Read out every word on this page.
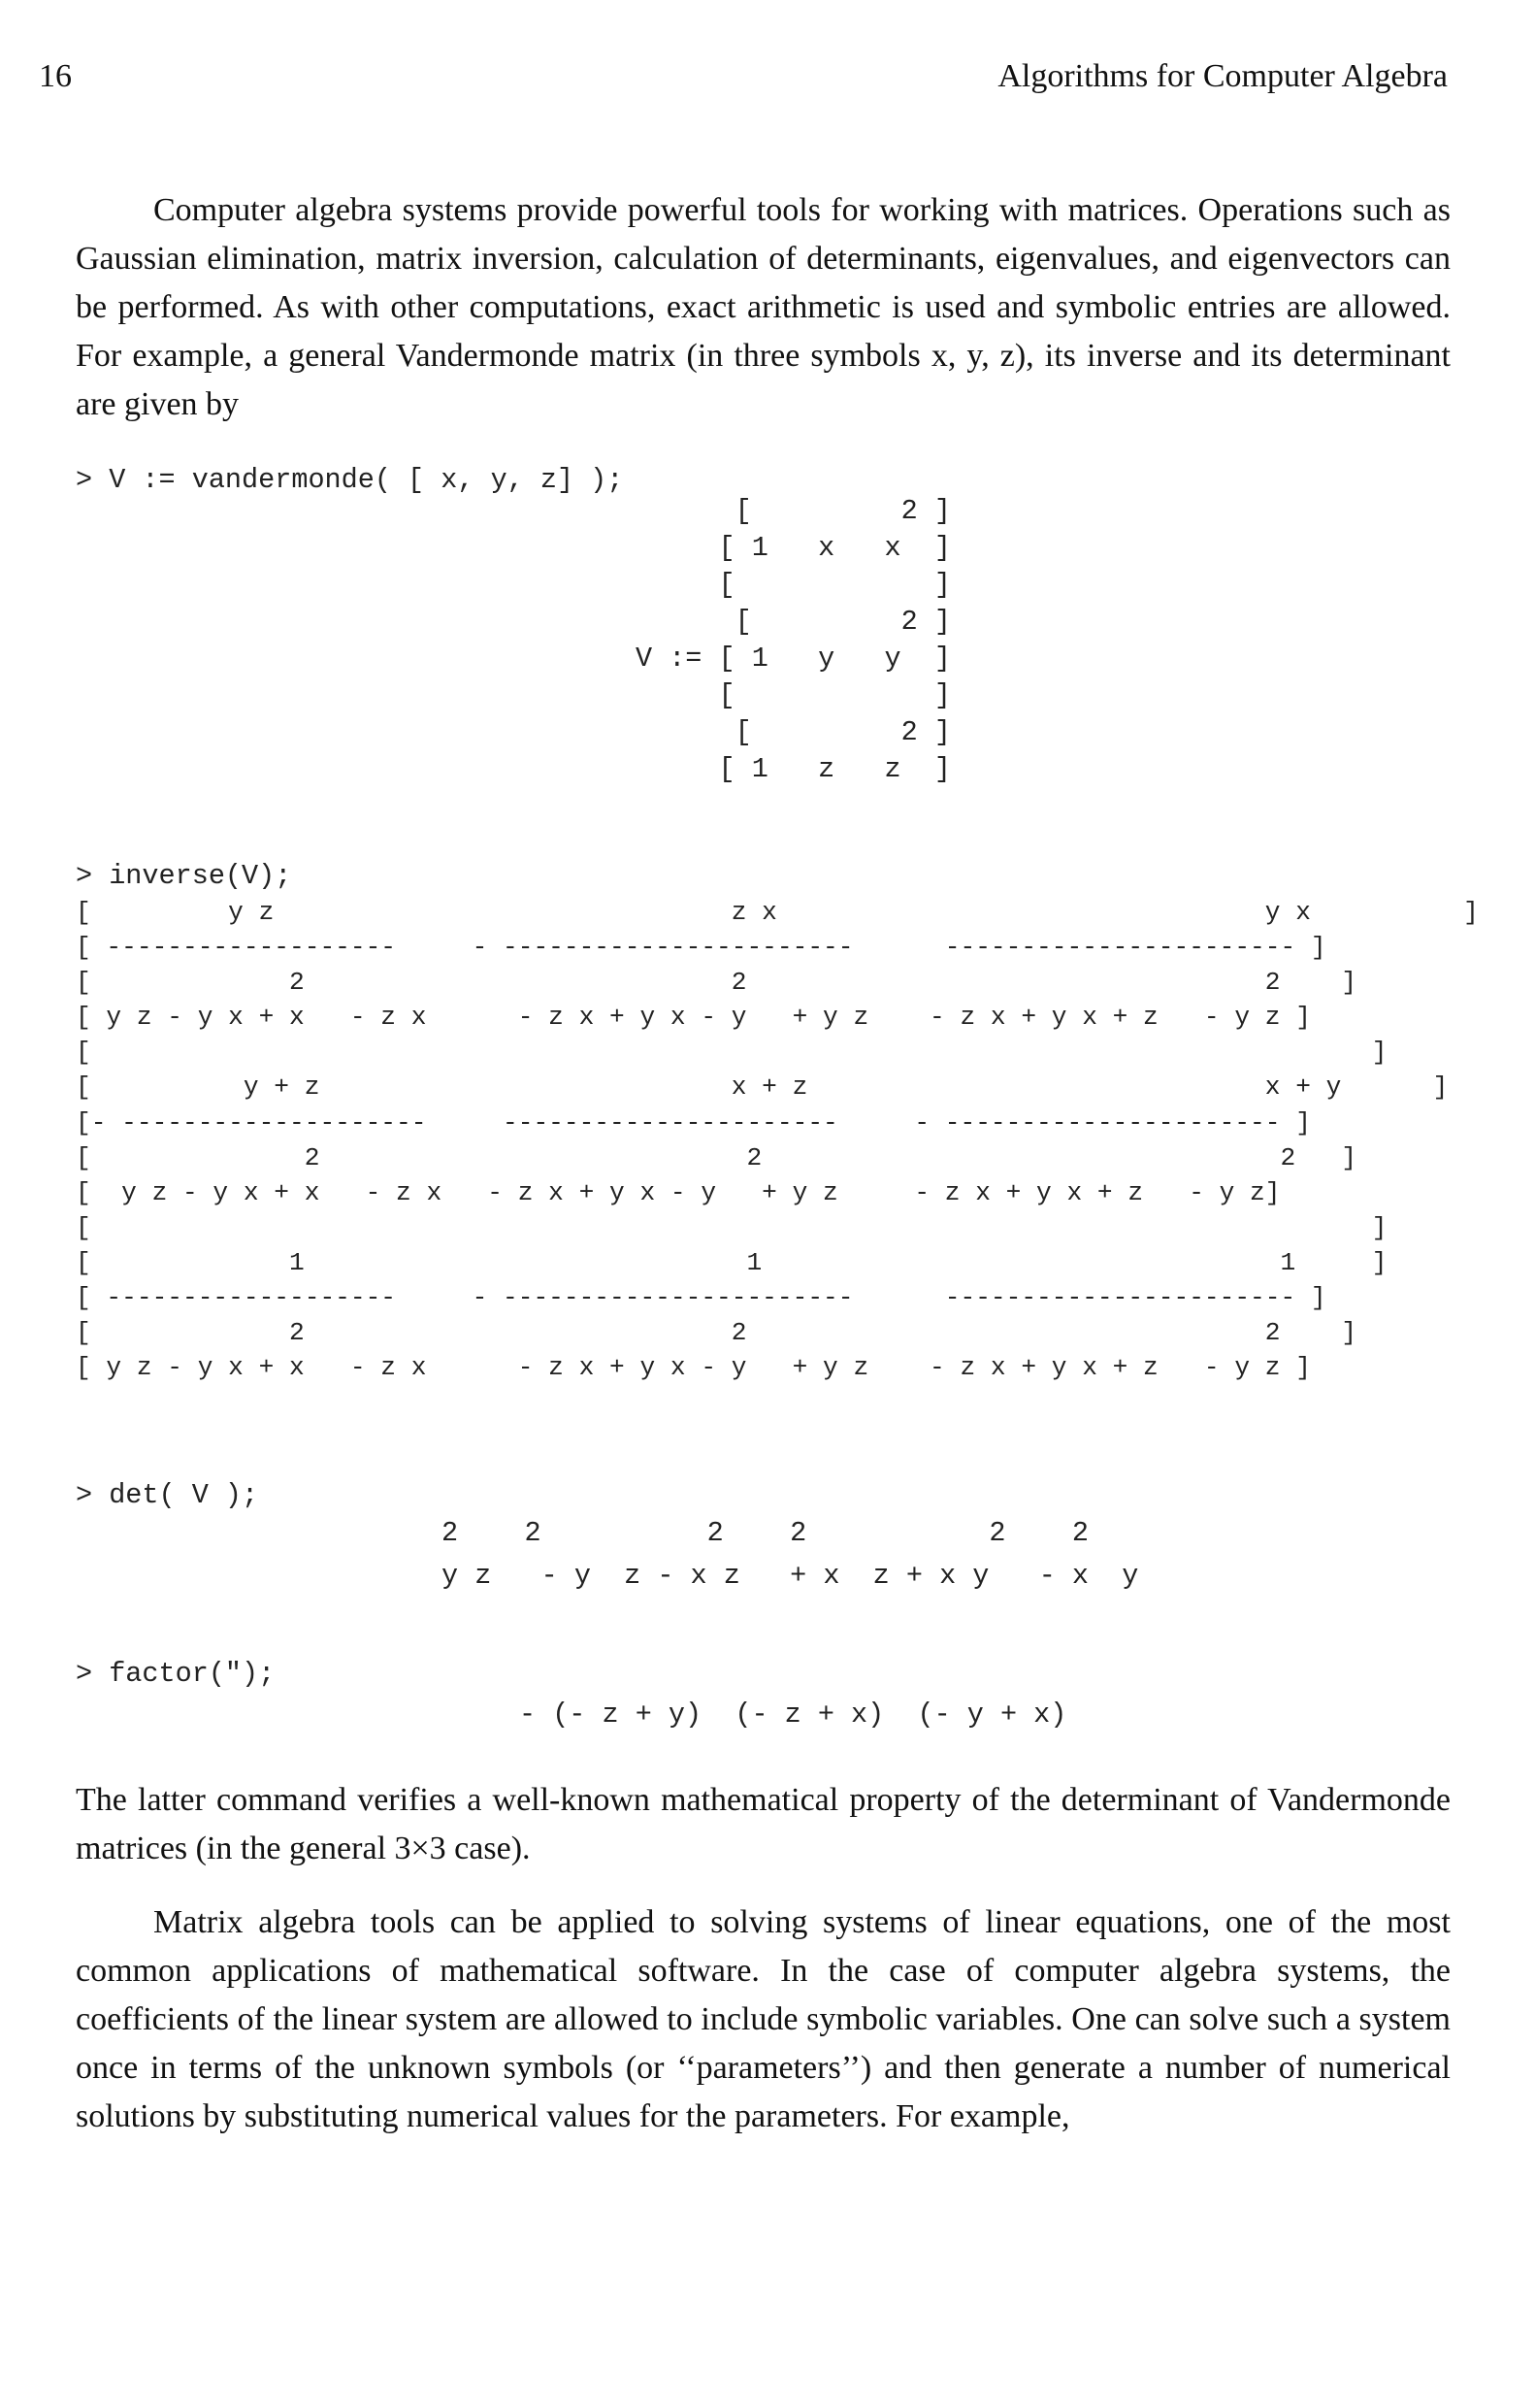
16	Algorithms for Computer Algebra

Computer algebra systems provide powerful tools for working with matrices. Operations such as Gaussian elimination, matrix inversion, calculation of determinants, eigenvalues, and eigenvectors can be performed. As with other computations, exact arithmetic is used and symbolic entries are allowed. For example, a general Vandermonde matrix (in three symbols x, y, z), its inverse and its determinant are given by

> V := vandermonde( [ x, y, z] );
[         2 ]
[ 1   x   x  ]
[            ]
[         2 ]
V := [ 1   y   y  ]
[            ]
[         2 ]
[ 1   z   z  ]
> inverse(V);
[         y z                              z x                                y x          ]
[ -------------------     - -----------------------      ----------------------- ]
[             2                            2                                  2    ]
[ y z - y x + x   - z x      - z x + y x - y   + y z    - z x + y x + z   - y z ]
[                                                                                    ]
[          y + z                           x + z                              x + y      ]
[- --------------------     ----------------------     - ---------------------- ]
[              2                            2                                  2   ]
[  y z - y x + x   - z x   - z x + y x - y   + y z     - z x + y x + z   - y z]
[                                                                                    ]
[             1                             1                                  1     ]
[ -------------------     - -----------------------      ----------------------- ]
[             2                            2                                  2    ]
[ y z - y x + x   - z x      - z x + y x - y   + y z    - z x + y x + z   - y z ]
> det( V );
2    2          2    2           2    2
y z   - y  z - x z   + x  z + x y   - x  y
> factor(");
- (- z + y)  (- z + x)  (- y + x)

The latter command verifies a well-known mathematical property of the determinant of Vandermonde matrices (in the general 3×3 case).

Matrix algebra tools can be applied to solving systems of linear equations, one of the most common applications of mathematical software. In the case of computer algebra systems, the coefficients of the linear system are allowed to include symbolic variables. One can solve such a system once in terms of the unknown symbols (or ‘‘parameters’’) and then generate a number of numerical solutions by substituting numerical values for the parameters. For example,
